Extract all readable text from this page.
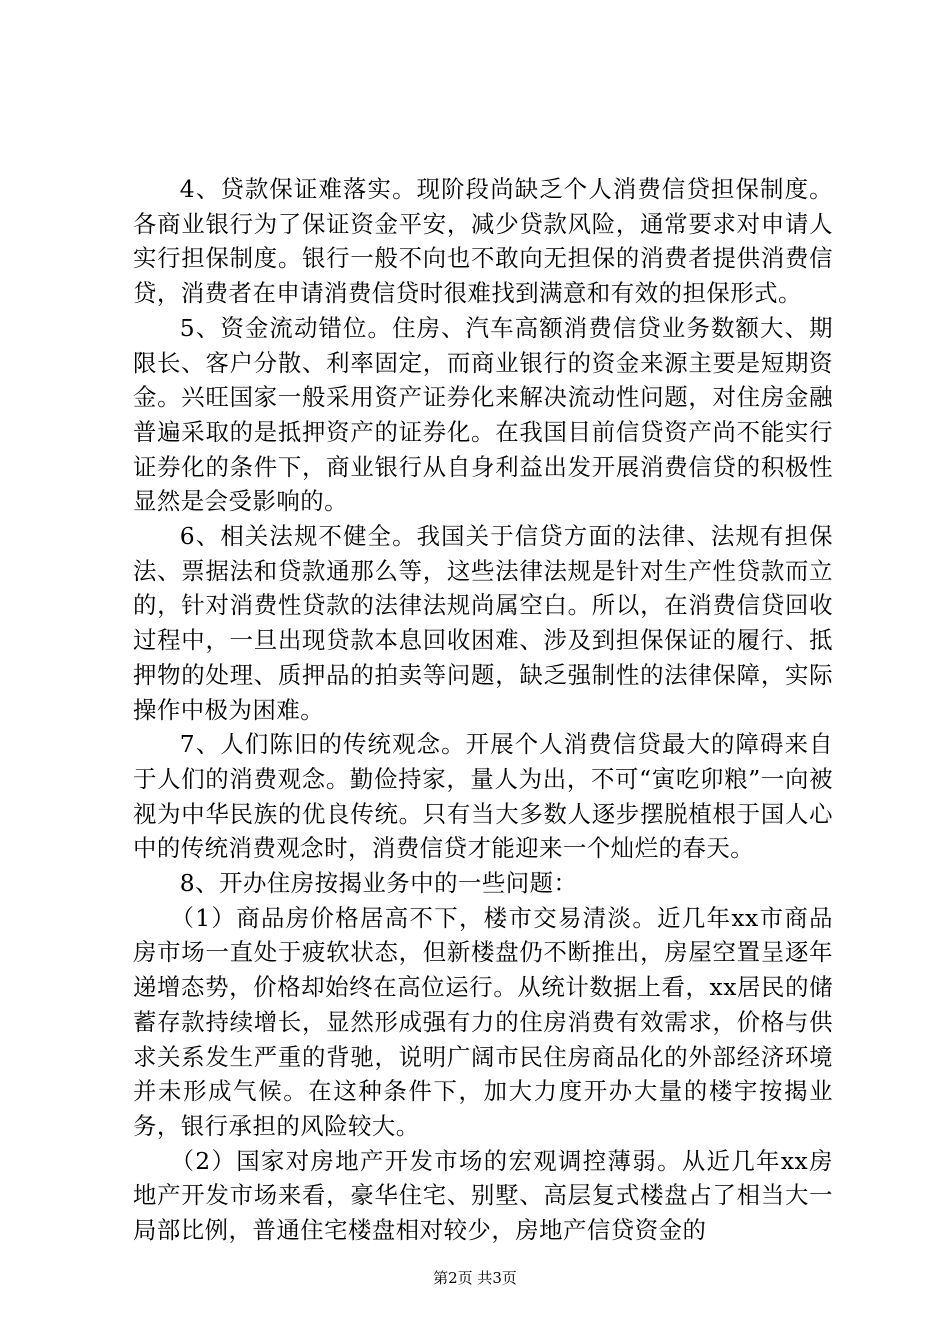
4、贷款保证难落实。现阶段尚缺乏个人消费信贷担保制度。各商业银行为了保证资金平安，减少贷款风险，通常要求对申请人实行担保制度。银行一般不向也不敢向无担保的消费者提供消费信贷，消费者在申请消费信贷时很难找到满意和有效的担保形式。

5、资金流动错位。住房、汽车高额消费信贷业务数额大、期限长、客户分散、利率固定，而商业银行的资金来源主要是短期资金。兴旺国家一般采用资产证券化来解决流动性问题，对住房金融普遍采取的是抵押资产的证券化。在我国目前信贷资产尚不能实行证券化的条件下，商业银行从自身利益出发开展消费信贷的积极性显然是会受影响的。

6、相关法规不健全。我国关于信贷方面的法律、法规有担保法、票据法和贷款通那么等，这些法律法规是针对生产性贷款而立的，针对消费性贷款的法律法规尚属空白。所以，在消费信贷回收过程中，一旦出现贷款本息回收困难、涉及到担保保证的履行、抵押物的处理、质押品的拍卖等问题，缺乏强制性的法律保障，实际操作中极为困难。

7、人们陈旧的传统观念。开展个人消费信贷最大的障碍来自于人们的消费观念。勤俭持家，量人为出，不可“寅吃卯粮”一向被视为中华民族的优良传统。只有当大多数人逐步摆脱植根于国人心中的传统消费观念时，消费信贷才能迎来一个灿烂的春天。

8、开办住房按揭业务中的一些问题：

（1）商品房价格居高不下，楼市交易清淡。近几年xx市商品房市场一直处于疲软状态，但新楼盘仍不断推出，房屋空置呈逐年递增态势，价格却始终在高位运行。从统计数据上看，xx居民的储蓄存款持续增长，显然形成强有力的住房消费有效需求，价格与供求关系发生严重的背驰，说明广阔市民住房商品化的外部经济环境并未形成气候。在这种条件下，加大力度开办大量的楼宇按揭业务，银行承担的风险较大。

（2）国家对房地产开发市场的宏观调控薄弱。从近几年xx房地产开发市场来看，豪华住宅、别墅、高层复式楼盘占了相当大一局部比例，普通住宅楼盘相对较少，房地产信贷资金的

第2页 共3页
